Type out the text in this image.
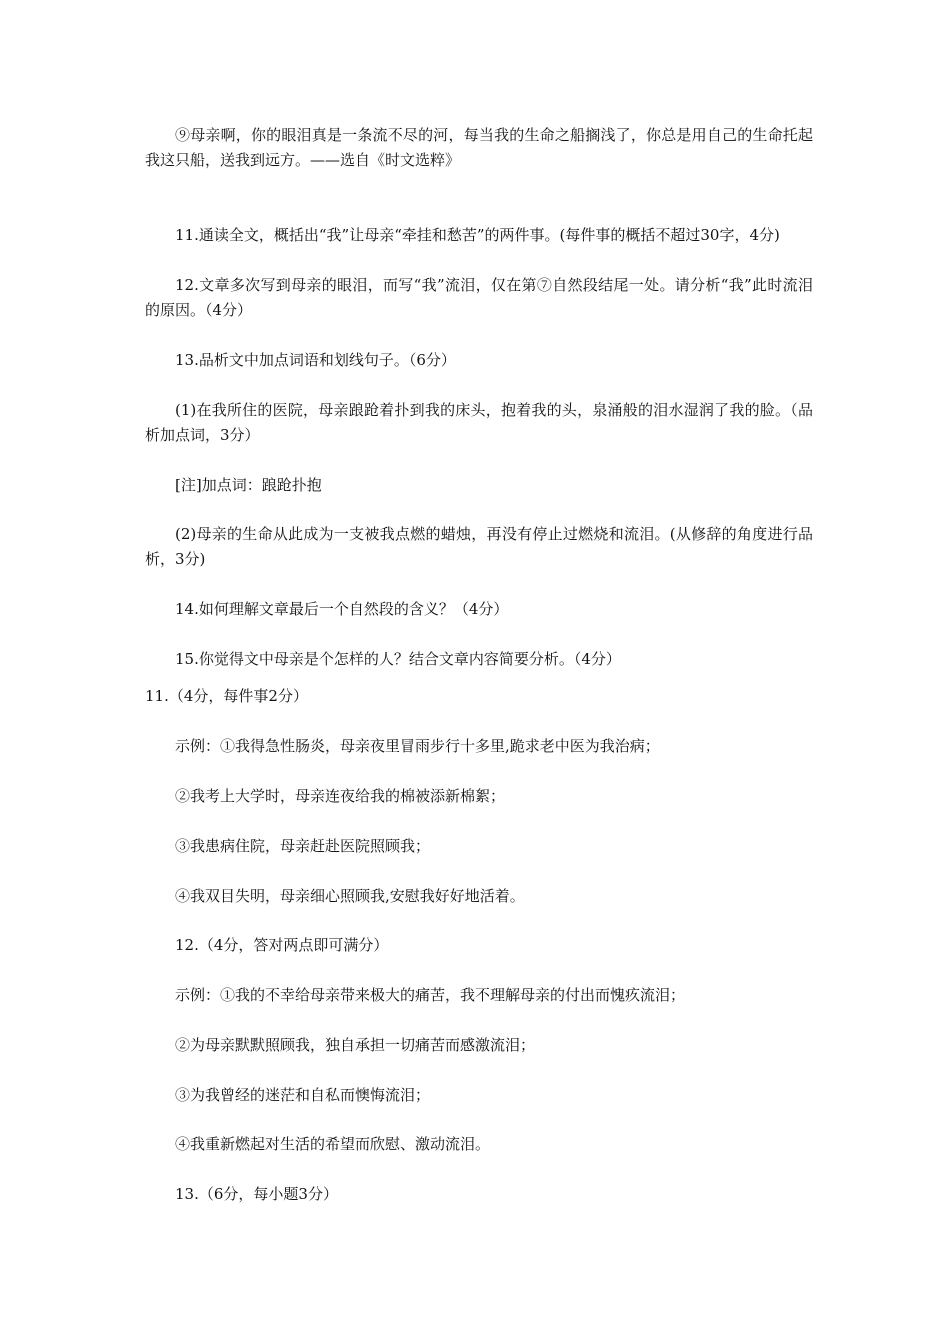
⑨母亲啊，你的眼泪真是一条流不尽的河，每当我的生命之船搁浅了，你总是用自己的生命托起我这只船，送我到远方。——选自《时文选粹》

11.通读全文，概括出“我”让母亲“牵挂和愁苦”的两件事。(每件事的概括不超过30字，4分)

12.文章多次写到母亲的眼泪，而写“我”流泪，仅在第⑦自然段结尾一处。请分析“我”此时流泪的原因。（4分）

13.品析文中加点词语和划线句子。（6分）

(1)在我所住的医院，母亲踉跄着扑到我的床头，抱着我的头，泉涌般的泪水湿润了我的脸。（品析加点词，3分）

[注]加点词：踉跄扑抱

(2)母亲的生命从此成为一支被我点燃的蜡烛，再没有停止过燃烧和流泪。(从修辞的角度进行品析，3分)

14.如何理解文章最后一个自然段的含义？（4分）

15.你觉得文中母亲是个怎样的人？结合文章内容简要分析。（4分）

11.（4分，每件事2分）

示例：①我得急性肠炎，母亲夜里冒雨步行十多里,跪求老中医为我治病；

②我考上大学时，母亲连夜给我的棉被添新棉絮；

③我患病住院，母亲赶赴医院照顾我；

④我双目失明，母亲细心照顾我,安慰我好好地活着。

12.（4分，答对两点即可满分）

示例：①我的不幸给母亲带来极大的痛苦，我不理解母亲的付出而愧疚流泪；

②为母亲默默照顾我，独自承担一切痛苦而感激流泪；

③为我曾经的迷茫和自私而懊悔流泪；

④我重新燃起对生活的希望而欣慰、激动流泪。

13.（6分，每小题3分）
